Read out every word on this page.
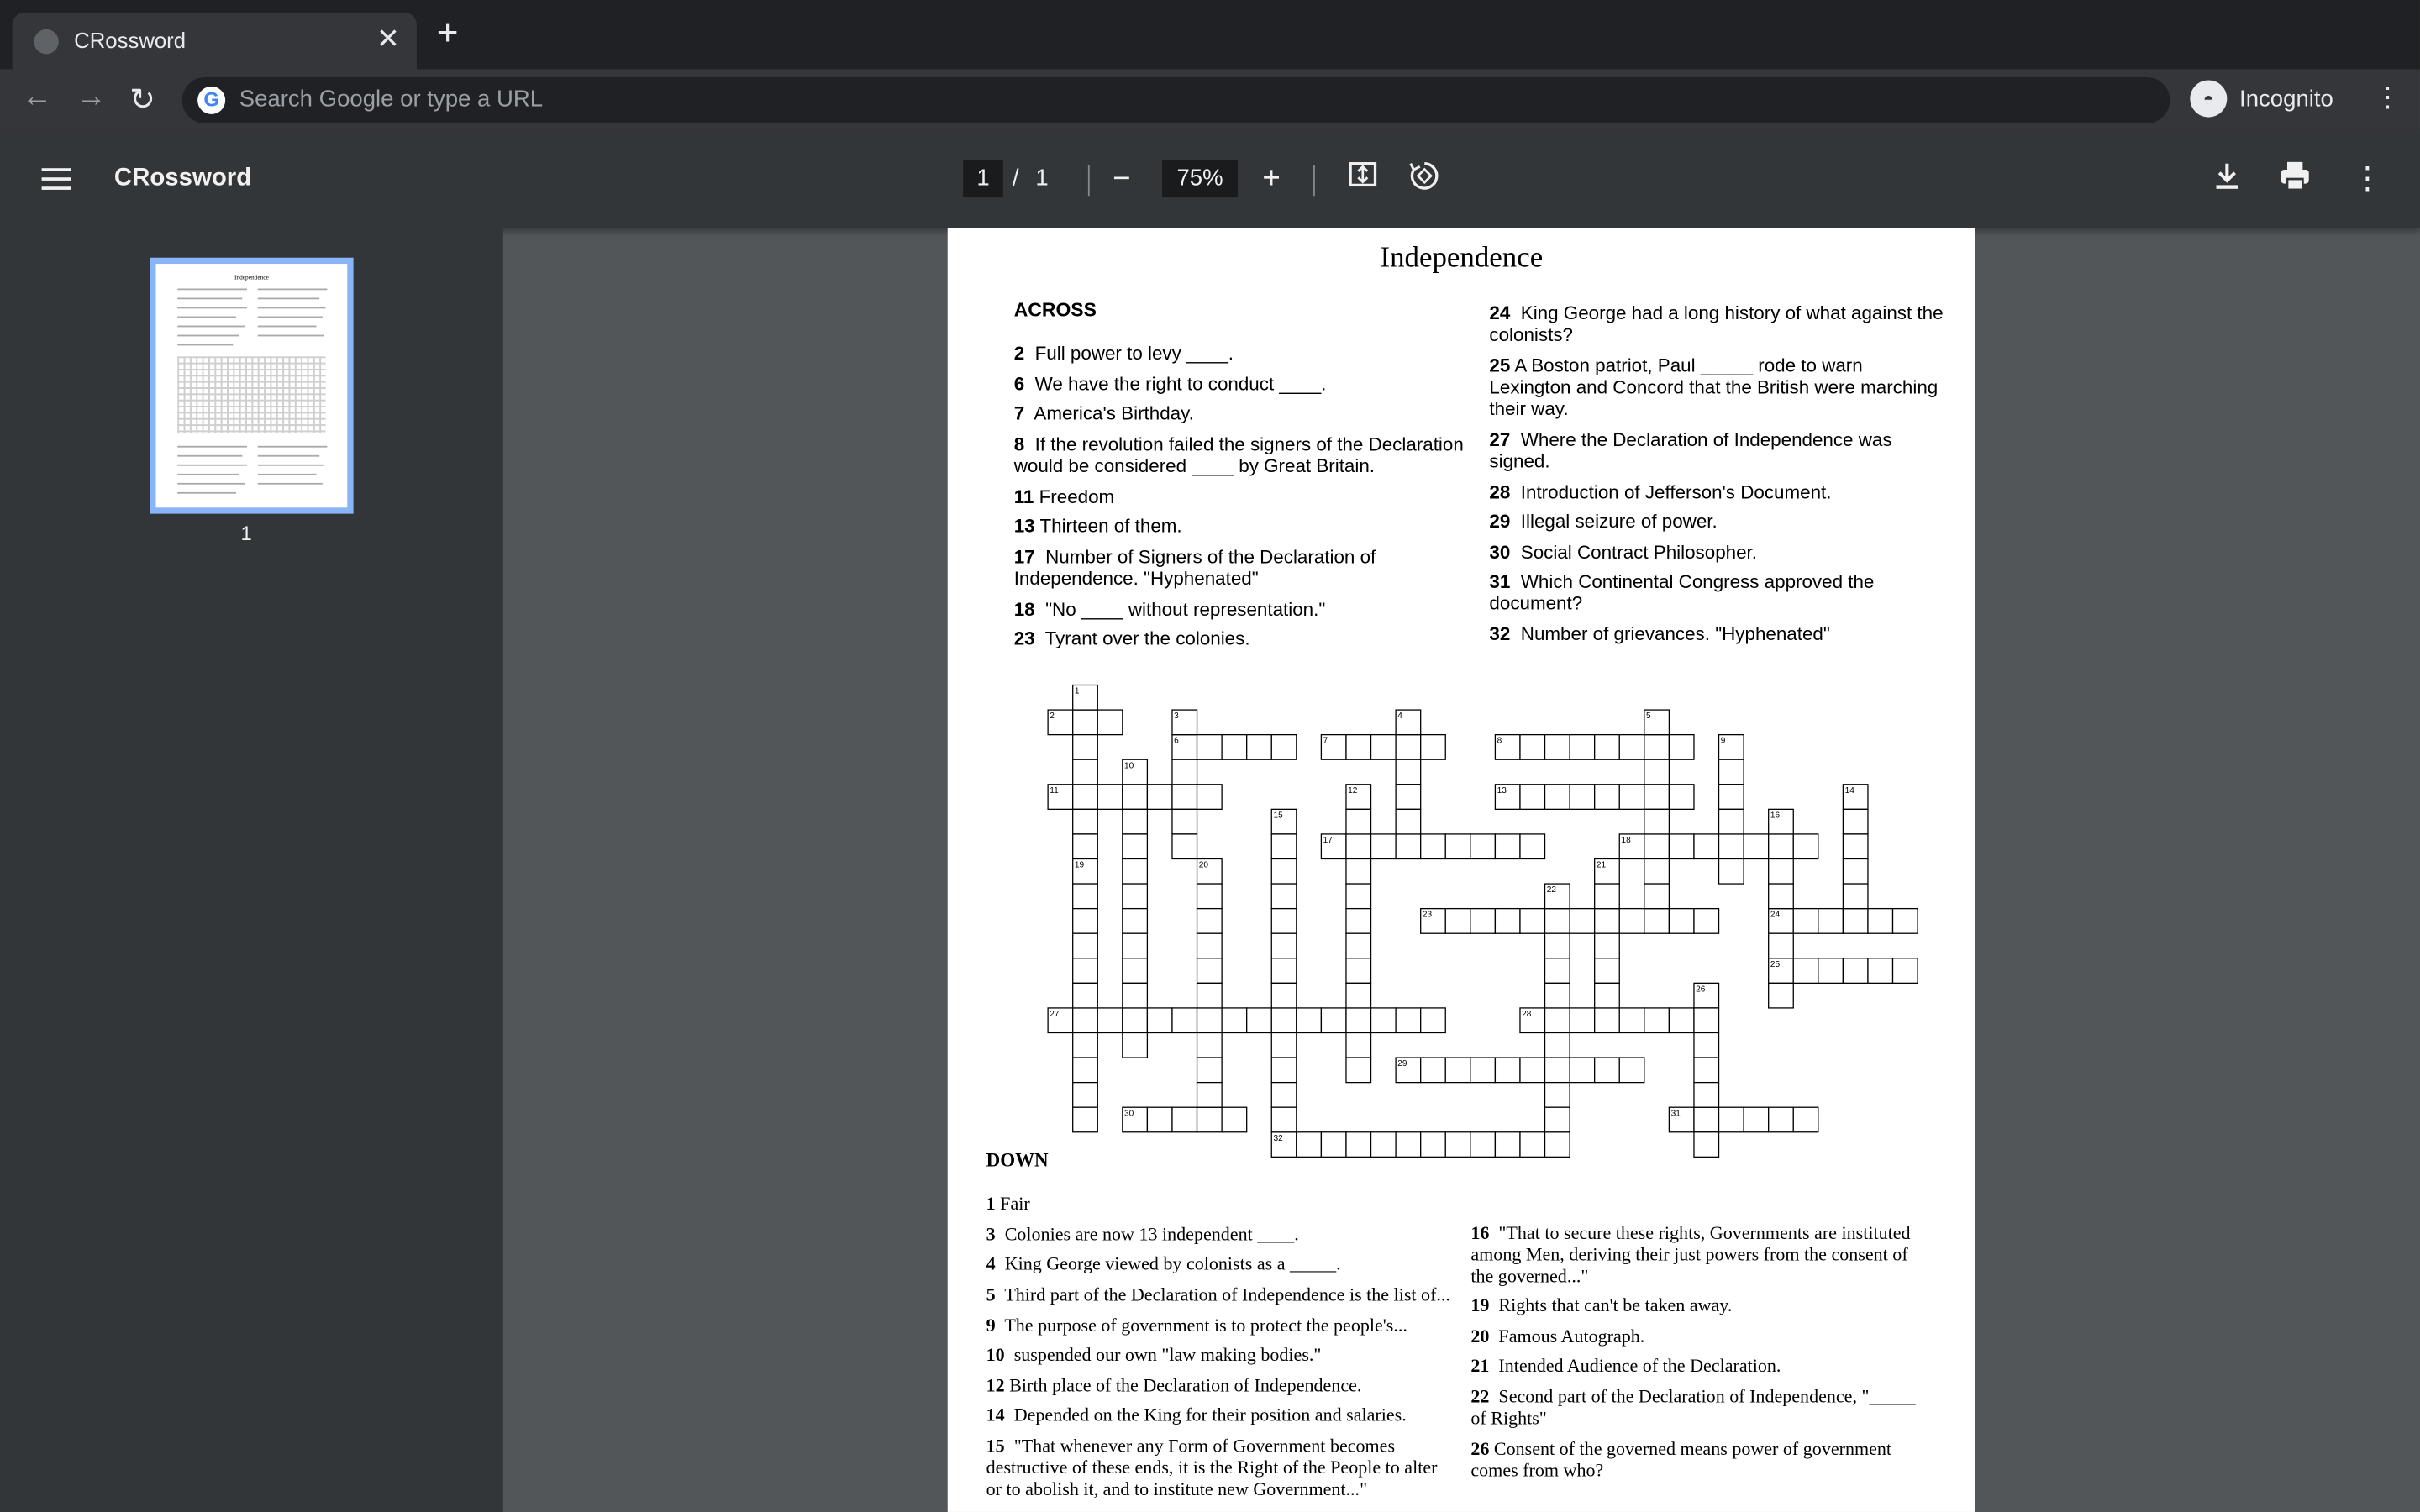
CRossword	✕ +
← → ↻	G	Search Google or type a URL	◓	Incognito	⋮
CRossword	1	/ 1	−	75%	+	⋮
Independence
1
Independence
ACROSS
2 Full power to levy ____.
6 We have the right to conduct ____.
7 America's Birthday.
8 If the revolution failed the signers of the Declaration would be considered ____ by Great Britain.
11 Freedom
13 Thirteen of them.
17 Number of Signers of the Declaration of Independence. "Hyphenated"
18 "No ____ without representation."
23 Tyrant over the colonies.
24 King George had a long history of what against the colonists?
25 A Boston patriot, Paul _____ rode to warn Lexington and Concord that the British were marching their way.
27 Where the Declaration of Independence was signed.
28 Introduction of Jefferson's Document.
29 Illegal seizure of power.
30 Social Contract Philosopher.
31 Which Continental Congress approved the document?
32 Number of grievances. "Hyphenated"
1
2	3	4	5
6	7	8	9
10
11	12	13	14
15	16
17	18
19	20	21
22
23	24
25
26
27	28
29
30	31
32
DOWN
1 Fair
3 Colonies are now 13 independent ____.
4 King George viewed by colonists as a _____.
5 Third part of the Declaration of Independence is the list of...
9 The purpose of government is to protect the people's...
10 suspended our own "law making bodies."
12 Birth place of the Declaration of Independence.
14 Depended on the King for their position and salaries.
15 "That whenever any Form of Government becomes destructive of these ends, it is the Right of the People to alter or to abolish it, and to institute new Government..."
16 "That to secure these rights, Governments are instituted among Men, deriving their just powers from the consent of the governed..."
19 Rights that can't be taken away.
20 Famous Autograph.
21 Intended Audience of the Declaration.
22 Second part of the Declaration of Independence, "_____ of Rights"
26 Consent of the governed means power of government comes from who?
